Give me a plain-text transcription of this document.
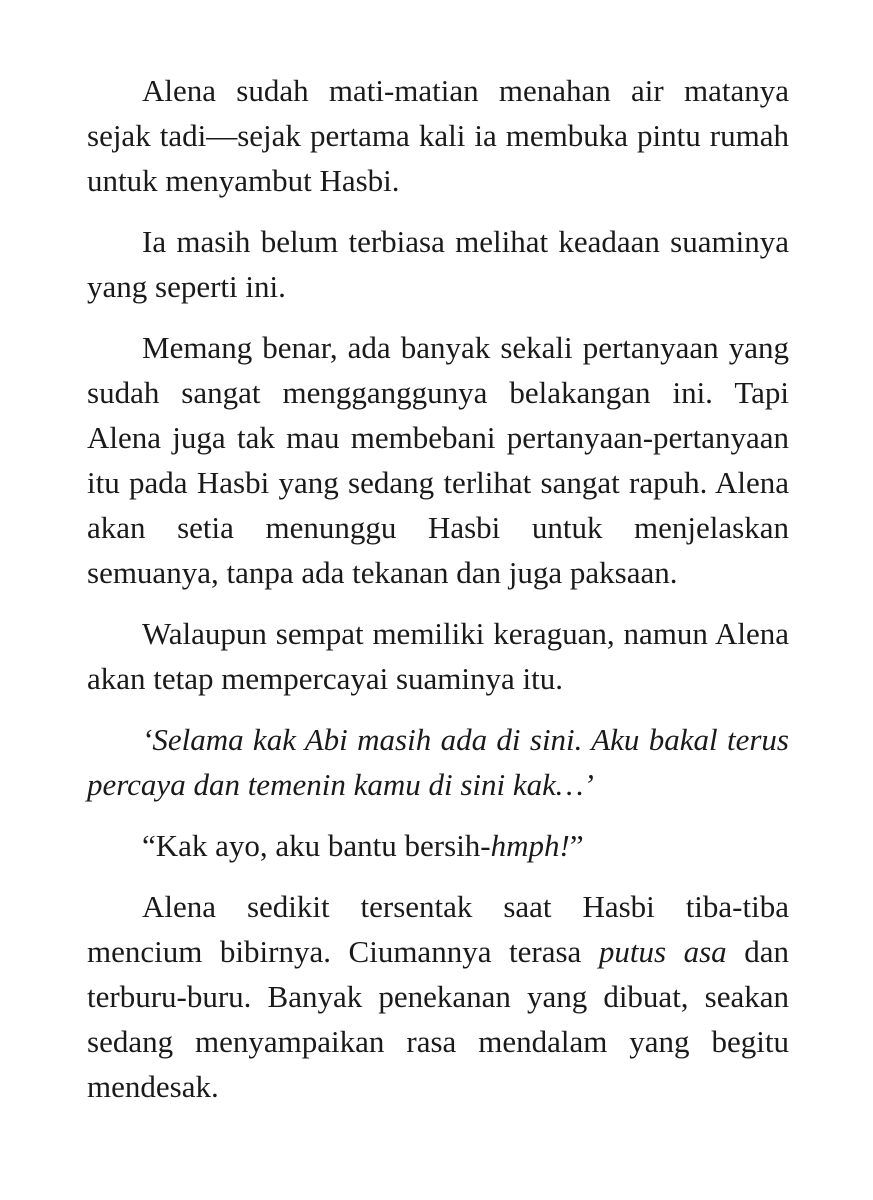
Alena sudah mati-matian menahan air matanya sejak tadi—sejak pertama kali ia membuka pintu rumah untuk menyambut Hasbi.

Ia masih belum terbiasa melihat keadaan suaminya yang seperti ini.

Memang benar, ada banyak sekali pertanyaan yang sudah sangat mengganggunya belakangan ini. Tapi Alena juga tak mau membebani pertanyaan-pertanyaan itu pada Hasbi yang sedang terlihat sangat rapuh. Alena akan setia menunggu Hasbi untuk menjelaskan semuanya, tanpa ada tekanan dan juga paksaan.

Walaupun sempat memiliki keraguan, namun Alena akan tetap mempercayai suaminya itu.

‘Selama kak Abi masih ada di sini. Aku bakal terus percaya dan temenin kamu di sini kak…’

“Kak ayo, aku bantu bersih-hmph!”

Alena sedikit tersentak saat Hasbi tiba-tiba mencium bibirnya. Ciumannya terasa putus asa dan terburu-buru. Banyak penekanan yang dibuat, seakan sedang menyampaikan rasa mendalam yang begitu mendesak.
